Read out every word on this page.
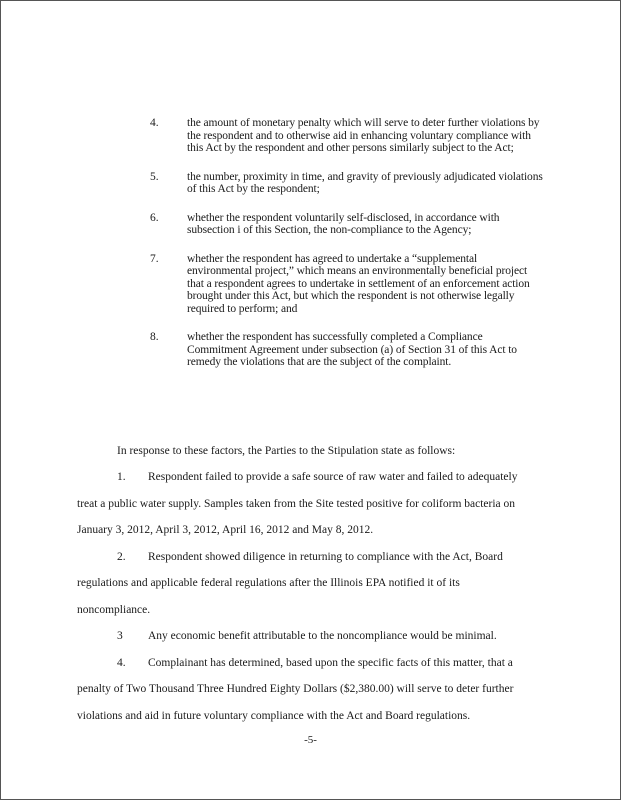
4. the amount of monetary penalty which will serve to deter further violations by the respondent and to otherwise aid in enhancing voluntary compliance with this Act by the respondent and other persons similarly subject to the Act;
5. the number, proximity in time, and gravity of previously adjudicated violations of this Act by the respondent;
6. whether the respondent voluntarily self-disclosed, in accordance with subsection i of this Section, the non-compliance to the Agency;
7. whether the respondent has agreed to undertake a “supplemental environmental project,” which means an environmentally beneficial project that a respondent agrees to undertake in settlement of an enforcement action brought under this Act, but which the respondent is not otherwise legally required to perform; and
8. whether the respondent has successfully completed a Compliance Commitment Agreement under subsection (a) of Section 31 of this Act to remedy the violations that are the subject of the complaint.
In response to these factors, the Parties to the Stipulation state as follows:
1.	Respondent failed to provide a safe source of raw water and failed to adequately treat a public water supply. Samples taken from the Site tested positive for coliform bacteria on January 3, 2012, April 3, 2012, April 16, 2012 and May 8, 2012.
2.	Respondent showed diligence in returning to compliance with the Act, Board regulations and applicable federal regulations after the Illinois EPA notified it of its noncompliance.
3	Any economic benefit attributable to the noncompliance would be minimal.
4.	Complainant has determined, based upon the specific facts of this matter, that a penalty of Two Thousand Three Hundred Eighty Dollars ($2,380.00) will serve to deter further violations and aid in future voluntary compliance with the Act and Board regulations.
-5-
